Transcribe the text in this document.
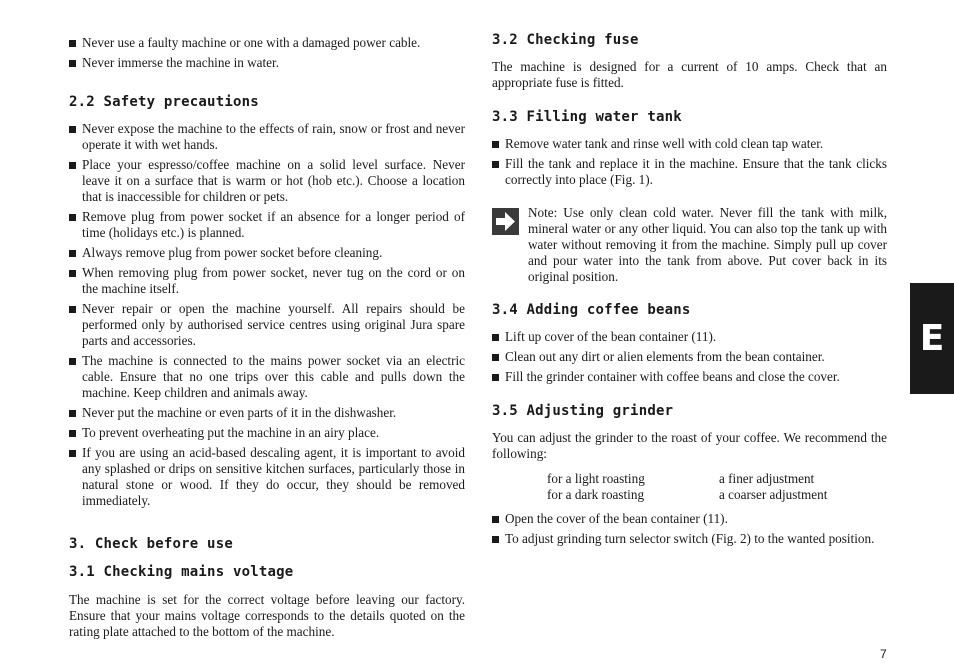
Never use a faulty machine or one with a damaged power cable.
Never immerse the machine in water.
2.2 Safety precautions
Never expose the machine to the effects of rain, snow or frost and never operate it with wet hands.
Place your espresso/coffee machine on a solid level surface. Never leave it on a surface that is warm or hot (hob etc.). Choose a location that is inaccessible for children or pets.
Remove plug from power socket if an absence for a longer period of time (holidays etc.) is planned.
Always remove plug from power socket before cleaning.
When removing plug from power socket, never tug on the cord or on the machine itself.
Never repair or open the machine yourself. All repairs should be performed only by authorised service centres using original Jura spare parts and accessories.
The machine is connected to the mains power socket via an electric cable. Ensure that no one trips over this cable and pulls down the machine. Keep children and animals away.
Never put the machine or even parts of it in the dishwasher.
To prevent overheating put the machine in an airy place.
If you are using an acid-based descaling agent, it is important to avoid any splashed or drips on sensitive kitchen surfaces, particularly those in natural stone or wood. If they do occur, they should be removed immediately.
3. Check before use
3.1 Checking mains voltage

The machine is set for the correct voltage before leaving our factory. Ensure that your mains voltage corresponds to the details quoted on the rating plate attached to the bottom of the machine.

3.2 Checking fuse

The machine is designed for a current of 10 amps. Check that an appropriate fuse is fitted.

3.3 Filling water tank
Remove water tank and rinse well with cold clean tap water.
Fill the tank and replace it in the machine. Ensure that the tank clicks correctly into place (Fig. 1).
Note: Use only clean cold water. Never fill the tank with milk, mineral water or any other liquid. You can also top the tank up with water without removing it from the machine. Simply pull up cover and pour water into the tank from above. Put cover back in its original position.
3.4 Adding coffee beans
Lift up cover of the bean container (11).
Clean out any dirt or alien elements from the bean container.
Fill the grinder container with coffee beans and close the cover.
3.5 Adjusting grinder

You can adjust the grinder to the roast of your coffee. We recommend the following:

for a light roasting	a finer adjustment
for a dark roasting	a coarser adjustment
Open the cover of the bean container (11).
To adjust grinding turn selector switch (Fig. 2) to the wanted position.
E
7
